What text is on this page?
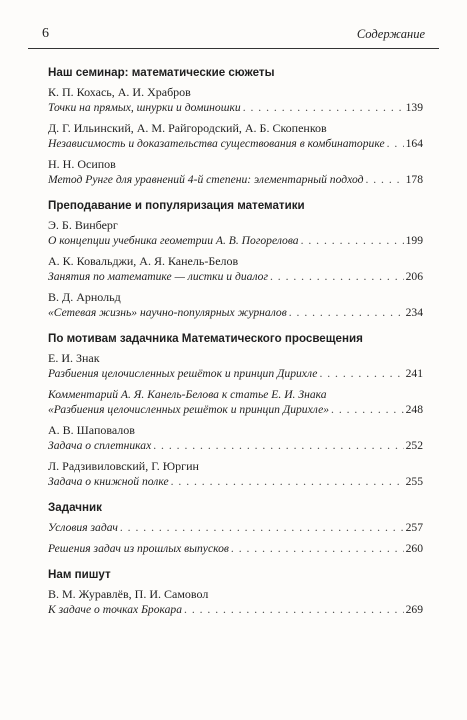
6	Содержание
Наш семинар: математические сюжеты
К. П. Кохась, А. И. Храбров
Точки на прямых, шнурки и доминошки . . .	139
Д. Г. Ильинский, А. М. Райгородский, А. Б. Скопенков
Независимость и доказательства существования в комбинаторике . . . 164
Н. Н. Осипов
Метод Рунге для уравнений 4-й степени: элементарный подход . . .	178
Преподавание и популяризация математики
Э. Б. Винберг
О концепции учебника геометрии А. В. Погорелова . . .	199
А. К. Ковальджи, А. Я. Канель-Белов
Занятия по математике — листки и диалог . . .	206
В. Д. Арнольд
«Сетевая жизнь» научно-популярных журналов . . .	234
По мотивам задачника Математического просвещения
Е. И. Знак
Разбиения целочисленных решёток и принцип Дирихле . . .	241
Комментарий А. Я. Канель-Белова к статье Е. И. Знака
«Разбиения целочисленных решёток и принцип Дирихле» . . .	248
А. В. Шаповалов
Задача о сплетниках . . .	252
Л. Радзивиловский, Г. Юргин
Задача о книжной полке . . .	255
Задачник
Условия задач . . .	257
Решения задач из прошлых выпусков . . .	260
Нам пишут
В. М. Журавлёв, П. И. Самовол
К задаче о точках Брокара . . .	269
